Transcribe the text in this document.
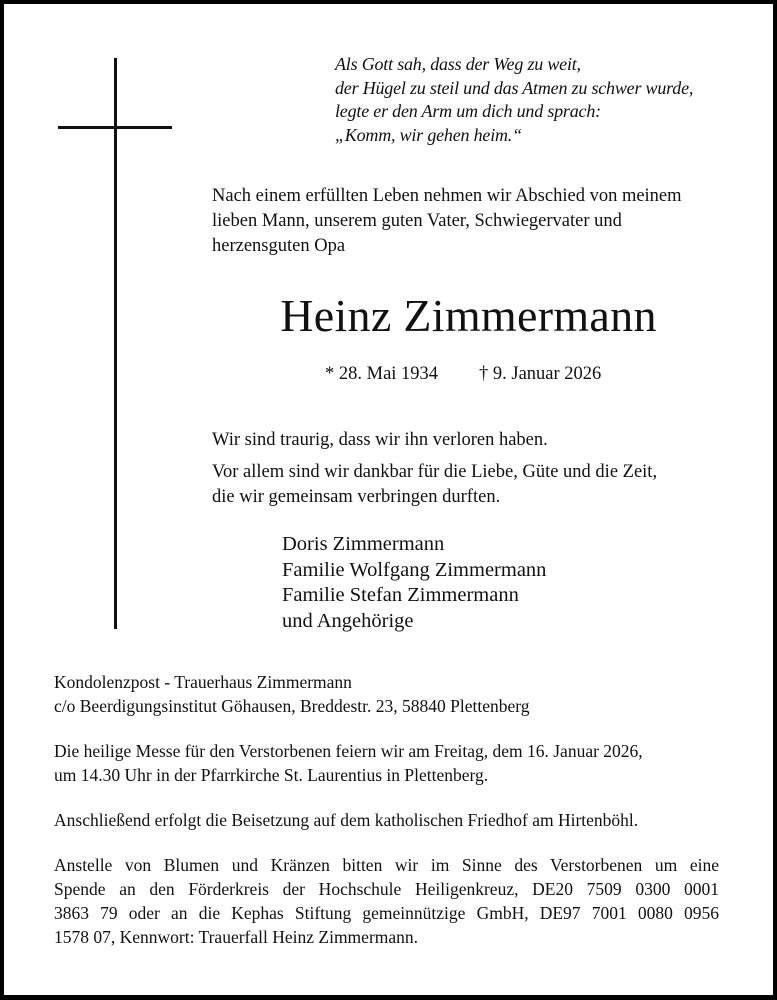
Als Gott sah, dass der Weg zu weit,
der Hügel zu steil und das Atmen zu schwer wurde,
legte er den Arm um dich und sprach:
„Komm, wir gehen heim.“
Nach einem erfüllten Leben nehmen wir Abschied von meinem
lieben Mann, unserem guten Vater, Schwiegervater und
herzensguten Opa
Heinz Zimmermann
* 28. Mai 1934 † 9. Januar 2026
Wir sind traurig, dass wir ihn verloren haben.
Vor allem sind wir dankbar für die Liebe, Güte und die Zeit,
die wir gemeinsam verbringen durften.
Doris Zimmermann
Familie Wolfgang Zimmermann
Familie Stefan Zimmermann
und Angehörige
Kondolenzpost - Trauerhaus Zimmermann
c/o Beerdigungsinstitut Göhausen, Breddestr. 23, 58840 Plettenberg
Die heilige Messe für den Verstorbenen feiern wir am Freitag, dem 16. Januar 2026,
um 14.30 Uhr in der Pfarrkirche St. Laurentius in Plettenberg.
Anschließend erfolgt die Beisetzung auf dem katholischen Friedhof am Hirtenböhl.
Anstelle von Blumen und Kränzen bitten wir im Sinne des Verstorbenen um eine
Spende an den Förderkreis der Hochschule Heiligenkreuz, DE20 7509 0300 0001
3863 79 oder an die Kephas Stiftung gemeinnützige GmbH, DE97 7001 0080 0956
1578 07, Kennwort: Trauerfall Heinz Zimmermann.
